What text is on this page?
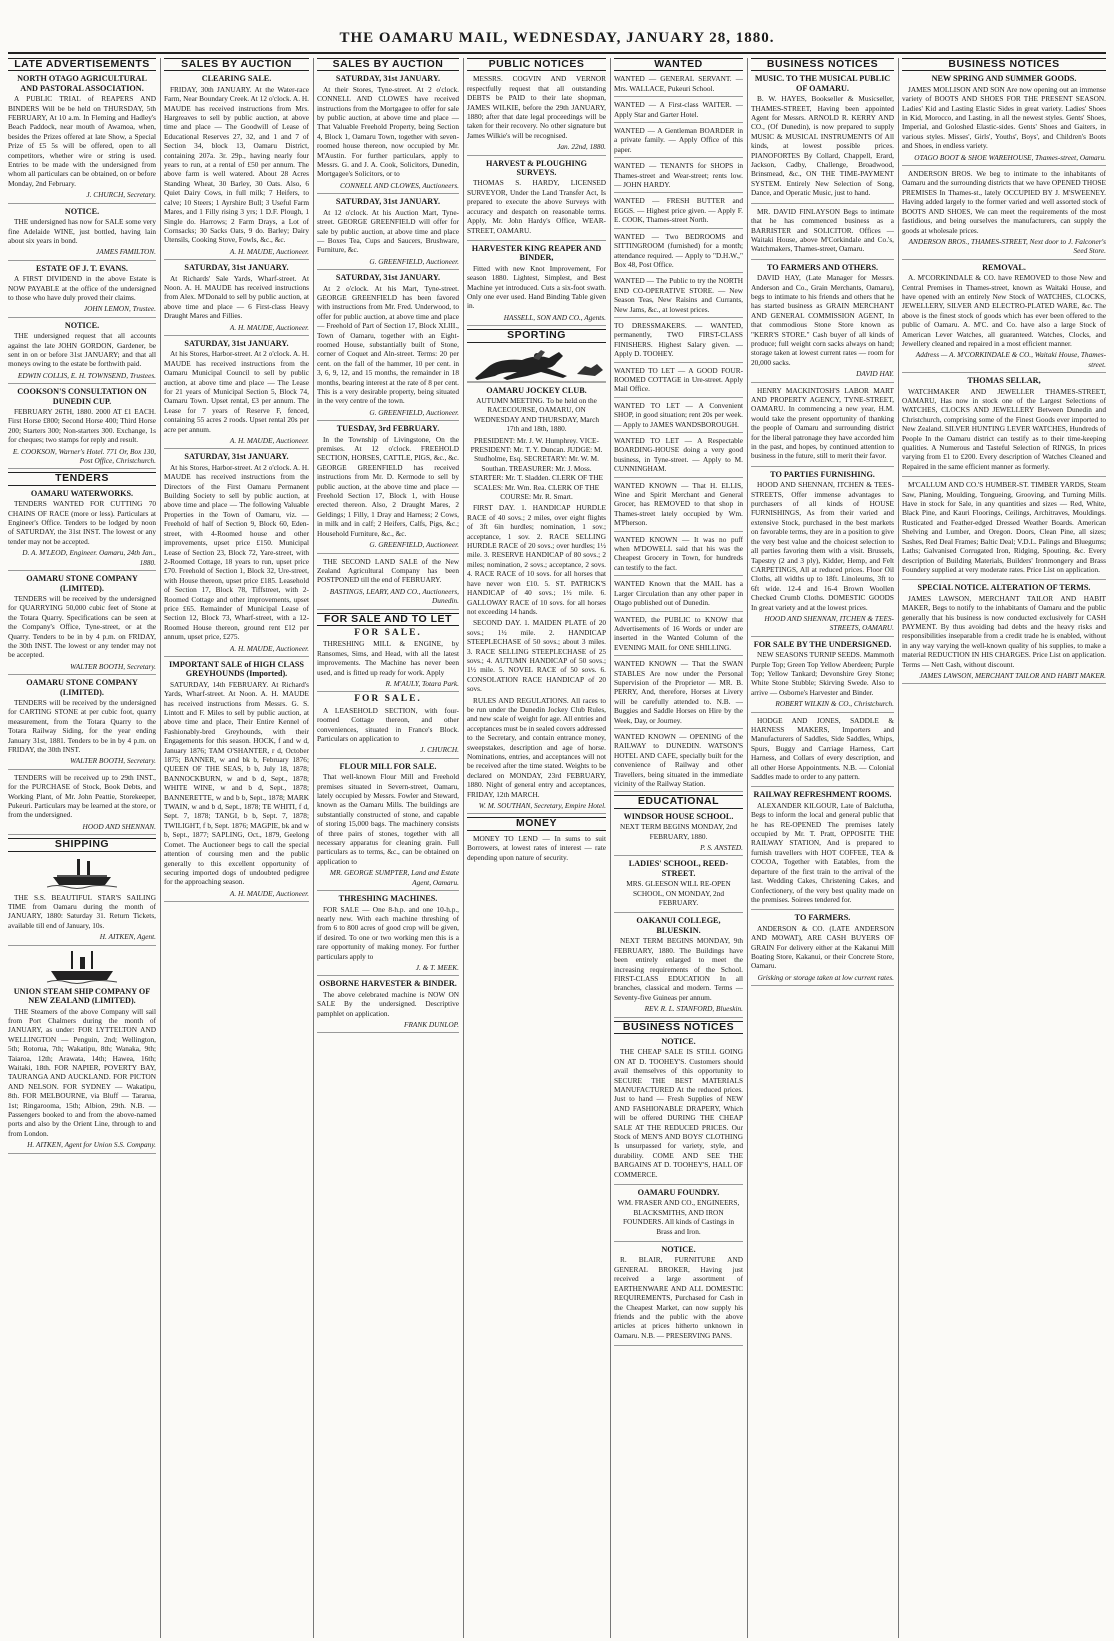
THE OAMARU MAIL, WEDNESDAY, JANUARY 28, 1880.
LATE ADVERTISEMENTS
NORTH OTAGO AGRICULTURAL AND PASTORAL ASSOCIATION.

A PUBLIC TRIAL of REAPERS AND BINDERS Will be be held on THURSDAY, 5th FEBRUARY, At 10 a.m. In Fleming and Hadley's Beach Paddock, near mouth of Awamoa, when, besides the Prizes offered at late Show, a Special Prize of £5 5s will be offered, open to all competitors, whether wire or string is used. Entries to be made with the undersigned from whom all particulars can be obtained, on or before Monday, 2nd February.

J. CHURCH, Secretary.
NOTICE.

THE undersigned has now for SALE some very fine Adelaide WINE, just bottled, having lain about six years in bond.

JAMES FAMILTON.
ESTATE OF J. T. EVANS.

A FIRST DIVIDEND in the above Estate is NOW PAYABLE at the office of the undersigned to those who have duly proved their claims.

JOHN LEMON, Trustee.
NOTICE.

THE undersigned request that all accounts against the late JOHN GORDON, Gardener, be sent in on or before 31st JANUARY; and that all moneys owing to the estate be forthwith paid.

EDWIN COLLIS, E. H. TOWNSEND, Trustees.
COOKSON'S CONSULTATION ON DUNEDIN CUP.

FEBRUARY 26TH, 1880. 2000 AT £1 EACH. First Horse £800; Second Horse 400; Third Horse 200; Starters 300; Non-starters 300. Exchange, 1s for cheques; two stamps for reply and result.

E. COOKSON, Warner's Hotel. 771 Or, Box 130, Post Office, Christchurch.
TENDERS
OAMARU WATERWORKS.

TENDERS WANTED FOR CUTTING 70 CHAINS OF RACE (more or less). Particulars at Engineer's Office. Tenders to be lodged by noon of SATURDAY, the 31st INST. The lowest or any tender may not be accepted.

D. A. M'LEOD, Engineer. Oamaru, 24th Jan., 1880.
OAMARU STONE COMPANY (LIMITED).

TENDERS will be received by the undersigned for QUARRYING 50,000 cubic feet of Stone at the Totara Quarry. Specifications can be seen at the Company's Office, Tyne-street, or at the Quarry. Tenders to be in by 4 p.m. on FRIDAY, the 30th INST. The lowest or any tender may not be accepted.

WALTER BOOTH, Secretary.
OAMARU STONE COMPANY (LIMITED).

TENDERS will be received by the undersigned for CARTING STONE at per cubic foot, quarry measurement, from the Totara Quarry to the Totara Railway Siding, for the year ending January 31st, 1881. Tenders to be in by 4 p.m. on FRIDAY, the 30th INST.

WALTER BOOTH, Secretary.

TENDERS will be received up to 29th INST., for the PURCHASE of Stock, Book Debts, and Working Plant, of Mr. John Peattie, Storekeeper, Pukeuri. Particulars may be learned at the store, or from the undersigned.

HOOD AND SHENNAN.
SHIPPING

THE S.S. BEAUTIFUL STAR'S SAILING TIME from Oamaru during the month of JANUARY, 1880: Saturday 31. Return Tickets, available till end of January, 10s.

H. AITKEN, Agent.
UNION STEAM SHIP COMPANY OF NEW ZEALAND (LIMITED).

THE Steamers of the above Company will sail from Port Chalmers during the month of JANUARY, as under: FOR LYTTELTON AND WELLINGTON — Penguin, 2nd; Wellington, 5th; Rotorua, 7th; Wakatipu, 8th; Wanaka, 9th; Taiaroa, 12th; Arawata, 14th; Hawea, 16th; Waitaki, 18th. FOR NAPIER, POVERTY BAY, TAURANGA AND AUCKLAND. FOR PICTON AND NELSON. FOR SYDNEY — Wakatipu, 8th. FOR MELBOURNE, via Bluff — Tararua, 1st; Ringarooma, 15th; Albion, 29th. N.B. — Passengers booked to and from the above-named ports and also by the Orient Line, through to and from London.

H. AITKEN, Agent for Union S.S. Company.
SALES BY AUCTION
CLEARING SALE.

FRIDAY, 30th JANUARY. At the Water-race Farm, Near Boundary Creek. At 12 o'clock. A. H. MAUDE has received instructions from Mrs. Hargreaves to sell by public auction, at above time and place — The Goodwill of Lease of Educational Reserves 27, 32, and 1 and 7 of Section 34, block 13, Oamaru District, containing 207a. 3r. 29p., having nearly four years to run, at a rental of £50 per annum. The above farm is well watered. About 28 Acres Standing Wheat, 30 Barley, 30 Oats. Also, 6 Quiet Dairy Cows, in full milk; 7 Heifers, to calve; 10 Steers; 1 Ayrshire Bull; 3 Useful Farm Mares, and 1 Filly rising 3 yrs; 1 D.F. Plough, 1 Single do. Harrows; 2 Farm Drays, a Lot of Cornsacks; 30 Sacks Oats, 9 do. Barley; Dairy Utensils, Cooking Stove, Fowls, &c., &c.

A. H. MAUDE, Auctioneer.
SATURDAY, 31st JANUARY.

At Richards' Sale Yards, Wharf-street. At Noon. A. H. MAUDE has received instructions from Alex. M'Donald to sell by public auction, at above time and place — 6 First-class Heavy Draught Mares and Fillies.

A. H. MAUDE, Auctioneer.
SATURDAY, 31st JANUARY.

At his Stores, Harbor-street. At 2 o'clock. A. H. MAUDE has received instructions from the Oamaru Municipal Council to sell by public auction, at above time and place — The Lease for 21 years of Municipal Section 5, Block 74, Oamaru Town. Upset rental, £3 per annum. The Lease for 7 years of Reserve F, fenced, containing 55 acres 2 roods. Upset rental 20s per acre per annum.

A. H. MAUDE, Auctioneer.
SATURDAY, 31st JANUARY.

At his Stores, Harbor-street. At 2 o'clock. A. H. MAUDE has received instructions from the Directors of the First Oamaru Permanent Building Society to sell by public auction, at above time and place — The following Valuable Properties in the Town of Oamaru, viz. — Freehold of half of Section 9, Block 60, Eden-street, with 4-Roomed house and other improvements, upset price £150. Municipal Lease of Section 23, Block 72, Yare-street, with 2-Roomed Cottage, 18 years to run, upset price £70. Freehold of Section 1, Block 32, Ure-street, with House thereon, upset price £185. Leasehold of Section 17, Block 78, Tiffstreet, with 2-Roomed Cottage and other improvements, upset price £65. Remainder of Municipal Lease of Section 12, Block 73, Wharf-street, with a 12-Roomed House thereon, ground rent £12 per annum, upset price, £275.

A. H. MAUDE, Auctioneer.
IMPORTANT SALE of HIGH CLASS GREYHOUNDS (Imported).

SATURDAY, 14th FEBRUARY. At Richard's Yards, Wharf-street. At Noon. A. H. MAUDE has received instructions from Messrs. G. S. Lintott and F. Miles to sell by public auction, at above time and place, Their Entire Kennel of Fashionably-bred Greyhounds, with their Engagements for this season. HOCK, f and w d, January 1876; TAM O'SHANTER, r d, October 1875; BANNER, w and bk b, February 1876; QUEEN OF THE SEAS, b b, July 18, 1878; BANNOCKBURN, w and b d, Sept., 1878; WHITE WINE, w and b d, Sept., 1878; BANNERETTE, w and b b, Sept., 1878; MARK TWAIN, w and b d, Sept., 1878; TE WHITI, f d, Sept. 7, 1878; TANGI, b b, Sept. 7, 1878; TWILIGHT, f b, Sept. 1876; MAGPIE, bk and w b, Sept., 1877; SAPLING, Oct., 1879, Geelong Comet. The Auctioneer begs to call the special attention of coursing men and the public generally to this excellent opportunity of securing imported dogs of undoubted pedigree for the approaching season.

A. H. MAUDE, Auctioneer.
SALES BY AUCTION
SATURDAY, 31st JANUARY.

At their Stores, Tyne-street. At 2 o'clock. CONNELL AND CLOWES have received instructions from the Mortgagee to offer for sale by public auction, at above time and place — That Valuable Freehold Property, being Section 4, Block 1, Oamaru Town, together with seven-roomed house thereon, now occupied by Mr. M'Austin. For further particulars, apply to Messrs. G. and J. A. Cook, Solicitors, Dunedin, Mortgagee's Solicitors, or to

CONNELL AND CLOWES, Auctioneers.
SATURDAY, 31st JANUARY.

At 12 o'clock. At his Auction Mart, Tyne-street. GEORGE GREENFIELD will offer for sale by public auction, at above time and place — Boxes Tea, Cups and Saucers, Brushware, Furniture, &c.

G. GREENFIELD, Auctioneer.
SATURDAY, 31st JANUARY.

At 2 o'clock. At his Mart, Tyne-street. GEORGE GREENFIELD has been favored with instructions from Mr. Fred. Underwood, to offer for public auction, at above time and place — Freehold of Part of Section 17, Block XLIII., Town of Oamaru, together with an Eight-roomed House, substantially built of Stone, corner of Coquet and Aln-street. Terms: 20 per cent. on the fall of the hammer, 10 per cent. in 3, 6, 9, 12, and 15 months, the remainder in 18 months, bearing interest at the rate of 8 per cent. This is a very desirable property, being situated in the very centre of the town.

G. GREENFIELD, Auctioneer.
TUESDAY, 3rd FEBRUARY.

In the Township of Livingstone, On the premises. At 12 o'clock. FREEHOLD SECTION, HORSES, CATTLE, PIGS, &c., &c. GEORGE GREENFIELD has received instructions from Mr. D. Kermode to sell by public auction, at the above time and place — Freehold Section 17, Block 1, with House erected thereon. Also, 2 Draught Mares, 2 Geldings; 1 Filly, 1 Dray and Harness; 2 Cows, in milk and in calf; 2 Heifers, Calfs, Pigs, &c.; Household Furniture, &c., &c.

G. GREENFIELD, Auctioneer.

THE SECOND LAND SALE of the New Zealand Agricultural Company has been POSTPONED till the end of FEBRUARY.

BASTINGS, LEARY, AND CO., Auctioneers, Dunedin.
FOR SALE AND TO LET
FOR SALE.

THRESHING MILL & ENGINE, by Ransomes, Sims, and Head, with all the latest improvements. The Machine has never been used, and is fitted up ready for work. Apply

R. M'AULY, Totara Park.
FOR SALE.

A LEASEHOLD SECTION, with four-roomed Cottage thereon, and other conveniences, situated in France's Block. Particulars on application to

J. CHURCH.
FLOUR MILL FOR SALE.

That well-known Flour Mill and Freehold premises situated in Severn-street, Oamaru, lately occupied by Messrs. Fowler and Steward, known as the Oamaru Mills. The buildings are substantially constructed of stone, and capable of storing 15,000 bags. The machinery consists of three pairs of stones, together with all necessary apparatus for cleaning grain. Full particulars as to terms, &c., can be obtained on application to

MR. GEORGE SUMPTER, Land and Estate Agent, Oamaru.
THRESHING MACHINES.

FOR SALE — One 8-h.p. and one 10-h.p., nearly new. With each machine threshing of from 6 to 800 acres of good crop will be given, if desired. To one or two working men this is a rare opportunity of making money. For further particulars apply to

J. & T. MEEK.
OSBORNE HARVESTER & BINDER.

The above celebrated machine is NOW ON SALE By the undersigned. Descriptive pamphlet on application.

FRANK DUNLOP.
PUBLIC NOTICES

MESSRS. COGVIN AND VERNOR respectfully request that all outstanding DEBTS be PAID to their late shopman, JAMES WILKIE, before the 29th JANUARY, 1880; after that date legal proceedings will be taken for their recovery. No other signature but James Wilkie's will be recognised.

Jan. 22nd, 1880.
HARVEST & PLOUGHING SURVEYS.

THOMAS S. HARDY, LICENSED SURVEYOR, Under the Land Transfer Act, Is prepared to execute the above Surveys with accuracy and despatch on reasonable terms. Apply, Mr. John Hardy's Office, WEAR-STREET, OAMARU.

HARVESTER KING REAPER AND BINDER,

Fitted with new Knot Improvement, For season 1880. Lightest, Simplest, and Best Machine yet introduced. Cuts a six-foot swath. Only one ever used. Hand Binding Table given in.

HASSELL, SON AND CO., Agents.
SPORTING
OAMARU JOCKEY CLUB.

AUTUMN MEETING. To be held on the RACECOURSE, OAMARU, ON WEDNESDAY AND THURSDAY, March 17th and 18th, 1880.

PRESIDENT: Mr. J. W. Humphrey. VICE-PRESIDENT: Mr. T. Y. Duncan. JUDGE: M. Studholme, Esq. SECRETARY: Mr. W. M. Southan. TREASURER: Mr. J. Moss. STARTER: Mr. T. Sladden. CLERK OF THE SCALES: Mr. Wm. Rea. CLERK OF THE COURSE: Mr. R. Smart.

FIRST DAY. 1. HANDICAP HURDLE RACE of 40 sovs.; 2 miles, over eight flights of 3ft 6in hurdles; nomination, 1 sov.; acceptance, 1 sov. 2. RACE SELLING HURDLE RACE of 20 sovs.; over hurdles; 1½ mile. 3. RESERVE HANDICAP of 80 sovs.; 2 miles; nomination, 2 sovs.; acceptance, 2 sovs. 4. RACE RACE of 10 sovs. for all horses that have never won £10. 5. ST. PATRICK'S HANDICAP of 40 sovs.; 1½ mile. 6. GALLOWAY RACE of 10 sovs. for all horses not exceeding 14 hands.

SECOND DAY. 1. MAIDEN PLATE of 20 sovs.; 1½ mile. 2. HANDICAP STEEPLECHASE of 50 sovs.; about 3 miles. 3. RACE SELLING STEEPLECHASE of 25 sovs.; 4. AUTUMN HANDICAP of 50 sovs.; 1½ mile. 5. NOVEL RACE of 50 sovs. 6. CONSOLATION RACE HANDICAP of 20 sovs.

RULES AND REGULATIONS. All races to be run under the Dunedin Jockey Club Rules, and new scale of weight for age. All entries and acceptances must be in sealed covers addressed to the Secretary, and contain entrance money, sweepstakes, description and age of horse. Nominations, entries, and acceptances will not be received after the time stated. Weights to be declared on MONDAY, 23rd FEBRUARY, 1880. Night of general entry and acceptances, FRIDAY, 12th MARCH.

W. M. SOUTHAN, Secretary, Empire Hotel.
MONEY

MONEY TO LEND — In sums to suit Borrowers, at lowest rates of interest — rate depending upon nature of security.

WANTED
WANTED — GENERAL SERVANT. — Mrs. WALLACE, Pukeuri School.
WANTED — A First-class WAITER. — Apply Star and Garter Hotel.
WANTED — A Gentleman BOARDER in a private family. — Apply Office of this paper.
WANTED — TENANTS for SHOPS in Thames-street and Wear-street; rents low. — JOHN HARDY.
WANTED — FRESH BUTTER and EGGS. — Highest price given. — Apply F. E. COOK, Thames-street North.
WANTED — Two BEDROOMS and SITTINGROOM (furnished) for a month; attendance required. — Apply to "D.H.W.," Box 48, Post Office.
WANTED — The Public to try the NORTH END CO-OPERATIVE STORE. — New Season Teas, New Raisins and Currants, New Jams, &c., at lowest prices.
TO DRESSMAKERS. — WANTED, permanently, TWO FIRST-CLASS FINISHERS. Highest Salary given. — Apply D. TOOHEY.
WANTED TO LET — A GOOD FOUR-ROOMED COTTAGE in Ure-street. Apply Mail Office.
WANTED TO LET — A Convenient SHOP, in good situation; rent 20s per week. — Apply to JAMES WANDSBOROUGH.
WANTED TO LET — A Respectable BOARDING-HOUSE doing a very good business, in Tyne-street. — Apply to M. CUNNINGHAM.
WANTED KNOWN — That H. ELLIS, Wine and Spirit Merchant and General Grocer, has REMOVED to that shop in Thames-street lately occupied by Wm. M'Pherson.
WANTED KNOWN — It was no puff when M'DOWELL said that his was the Cheapest Grocery in Town, for hundreds can testify to the fact.
WANTED Known that the MAIL has a Larger Circulation than any other paper in Otago published out of Dunedin.
WANTED, the PUBLIC to KNOW that Advertisements of 16 Words or under are inserted in the Wanted Column of the EVENING MAIL for ONE SHILLING.
WANTED KNOWN — That the SWAN STABLES Are now under the Personal Supervision of the Proprietor — MR. B. PERRY, And, therefore, Horses at Livery will be carefully attended to. N.B. — Buggies and Saddle Horses on Hire by the Week, Day, or Journey.
WANTED KNOWN — OPENING of the RAILWAY to DUNEDIN. WATSON'S HOTEL AND CAFE, specially built for the convenience of Railway and other Travellers, being situated in the immediate vicinity of the Railway Station.
EDUCATIONAL
WINDSOR HOUSE SCHOOL.

NEXT TERM BEGINS MONDAY, 2nd FEBRUARY, 1880.

P. S. ANSTED.
LADIES' SCHOOL, REED-STREET.

MRS. GLEESON WILL RE-OPEN SCHOOL, ON MONDAY, 2nd FEBRUARY.

OAKANUI COLLEGE, BLUESKIN.

NEXT TERM BEGINS MONDAY, 9th FEBRUARY, 1880. The Buildings have been entirely enlarged to meet the increasing requirements of the School. FIRST-CLASS EDUCATION In all branches, classical and modern. Terms — Seventy-five Guineas per annum.

REV. R. L. STANFORD, Blueskin.
BUSINESS NOTICES
NOTICE.

THE CHEAP SALE IS STILL GOING ON AT D. TOOHEY'S. Customers should avail themselves of this opportunity to SECURE THE BEST MATERIALS MANUFACTURED At the reduced prices. Just to hand — Fresh Supplies of NEW AND FASHIONABLE DRAPERY, Which will be offered DURING THE CHEAP SALE AT THE REDUCED PRICES. Our Stock of MEN'S AND BOYS' CLOTHING Is unsurpassed for variety, style, and durability. COME AND SEE THE BARGAINS AT D. TOOHEY'S, HALL OF COMMERCE.

OAMARU FOUNDRY.

WM. FRASER AND CO., ENGINEERS, BLACKSMITHS, AND IRON FOUNDERS. All kinds of Castings in Brass and Iron.

NOTICE.

R. BLAIR, FURNITURE AND GENERAL BROKER, Having just received a large assortment of EARTHENWARE AND ALL DOMESTIC REQUIREMENTS, Purchased for Cash in the Cheapest Market, can now supply his friends and the public with the above articles at prices hitherto unknown in Oamaru. N.B. — PRESERVING PANS.

BUSINESS NOTICES
MUSIC. TO THE MUSICAL PUBLIC OF OAMARU.

B. W. HAYES, Bookseller & Musicseller, THAMES-STREET, Having been appointed Agent for Messrs. ARNOLD R. KERRY AND CO., (Of Dunedin), is now prepared to supply MUSIC & MUSICAL INSTRUMENTS Of All kinds, at lowest possible prices. PIANOFORTES By Collard, Chappell, Erard, Jackson, Cadby, Challenge, Broadwood, Brinsmead, &c., ON THE TIME-PAYMENT SYSTEM. Entirely New Selection of Song, Dance, and Operatic Music, just to hand.

MR. DAVID FINLAYSON Begs to intimate that he has commenced business as a BARRISTER and SOLICITOR. Offices — Waitaki House, above M'Corkindale and Co.'s, Watchmakers, Thames-street, Oamaru.

TO FARMERS AND OTHERS.

DAVID HAY, (Late Manager for Messrs. Anderson and Co., Grain Merchants, Oamaru), begs to intimate to his friends and others that he has started business as GRAIN MERCHANT AND GENERAL COMMISSION AGENT, In that commodious Stone Store known as "KERR'S STORE." Cash buyer of all kinds of produce; full weight corn sacks always on hand; storage taken at lowest current rates — room for 20,000 sacks.

DAVID HAY.

HENRY MACKINTOSH'S LABOR MART AND PROPERTY AGENCY, TYNE-STREET, OAMARU. In commencing a new year, H.M. would take the present opportunity of thanking the people of Oamaru and surrounding district for the liberal patronage they have accorded him in the past, and hopes, by continued attention to business in the future, still to merit their favor.

TO PARTIES FURNISHING.

HOOD AND SHENNAN, ITCHEN & TEES-STREETS, Offer immense advantages to purchasers of all kinds of HOUSE FURNISHINGS, As from their varied and extensive Stock, purchased in the best markets on favorable terms, they are in a position to give the very best value and the choicest selection to all parties favoring them with a visit. Brussels, Tapestry (2 and 3 ply), Kidder, Hemp, and Felt CARPETINGS, All at reduced prices. Floor Oil Cloths, all widths up to 18ft. Linoleums, 3ft to 6ft wide. 12-4 and 16-4 Brown Woollen Checked Crumb Cloths. DOMESTIC GOODS In great variety and at the lowest prices.

HOOD AND SHENNAN, ITCHEN & TEES-STREETS, OAMARU.
FOR SALE BY THE UNDERSIGNED.

NEW SEASONS TURNIP SEEDS. Mammoth Purple Top; Green Top Yellow Aberdeen; Purple Top; Yellow Tankard; Devonshire Grey Stone; White Stone Stubble; Skirving Swede. Also to arrive — Osborne's Harvester and Binder.

ROBERT WILKIN & CO., Christchurch.

HODGE AND JONES, SADDLE & HARNESS MAKERS, Importers and Manufacturers of Saddles, Side Saddles, Whips, Spurs, Buggy and Carriage Harness, Cart Harness, and Collars of every description, and all other Horse Appointments. N.B. — Colonial Saddles made to order to any pattern.

RAILWAY REFRESHMENT ROOMS.

ALEXANDER KILGOUR, Late of Balclutha, Begs to inform the local and general public that he has RE-OPENED The premises lately occupied by Mr. T. Pratt, OPPOSITE THE RAILWAY STATION, And is prepared to furnish travellers with HOT COFFEE, TEA & COCOA, Together with Eatables, from the departure of the first train to the arrival of the last. Wedding Cakes, Christening Cakes, and Confectionery, of the very best quality made on the premises. Soirees tendered for.

TO FARMERS.

ANDERSON & CO. (LATE ANDERSON AND MOWAT), ARE CASH BUYERS OF GRAIN For delivery either at the Kakanui Mill Boating Store, Kakanui, or their Concrete Store, Oamaru.

Grisking or storage taken at low current rates.
BUSINESS NOTICES
NEW SPRING AND SUMMER GOODS.

JAMES MOLLISON AND SON Are now opening out an immense variety of BOOTS AND SHOES FOR THE PRESENT SEASON. Ladies' Kid and Lasting Elastic Sides in great variety. Ladies' Shoes in Kid, Morocco, and Lasting, in all the newest styles. Gents' Shoes, Imperial, and Goloshed Elastic-sides. Gents' Shoes and Gaiters, in various styles. Misses', Girls', Youths', Boys', and Children's Boots and Shoes, in endless variety.

OTAGO BOOT & SHOE WAREHOUSE, Thames-street, Oamaru.

ANDERSON BROS. We beg to intimate to the inhabitants of Oamaru and the surrounding districts that we have OPENED THOSE PREMISES In Thames-st., lately OCCUPIED BY J. M'SWEENEY. Having added largely to the former varied and well assorted stock of BOOTS AND SHOES, We can meet the requirements of the most fastidious, and being ourselves the manufacturers, can supply the goods at wholesale prices.

ANDERSON BROS., THAMES-STREET, Next door to J. Falconer's Seed Store.
REMOVAL.

A. M'CORKINDALE & CO. have REMOVED to those New and Central Premises in Thames-street, known as Waitaki House, and have opened with an entirely New Stock of WATCHES, CLOCKS, JEWELLERY, SILVER AND ELECTRO-PLATED WARE, &c. The above is the finest stock of goods which has ever been offered to the public of Oamaru. A. M'C. and Co. have also a large Stock of American Lever Watches, all guaranteed. Watches, Clocks, and Jewellery cleaned and repaired in a most efficient manner.

Address — A. M'CORKINDALE & CO., Waitaki House, Thames-street.
THOMAS SELLAR,

WATCHMAKER AND JEWELLER THAMES-STREET, OAMARU, Has now in stock one of the Largest Selections of WATCHES, CLOCKS AND JEWELLERY Between Dunedin and Christchurch, comprising some of the Finest Goods ever imported to New Zealand. SILVER HUNTING LEVER WATCHES, Hundreds of People In the Oamaru district can testify as to their time-keeping qualities. A Numerous and Tasteful Selection of RINGS, In prices varying from £1 to £200. Every description of Watches Cleaned and Repaired in the same efficient manner as formerly.

M'CALLUM AND CO.'S HUMBER-ST. TIMBER YARDS, Steam Saw, Planing, Moulding, Tongueing, Grooving, and Turning Mills. Have in stock for Sale, in any quantities and sizes — Red, White, Black Pine, and Kauri Floorings, Ceilings, Architraves, Mouldings. Rusticated and Feather-edged Dressed Weather Boards. American Shelving and Lumber, and Oregon. Doors, Clean Pine, all sizes; Sashes, Red Deal Frames; Baltic Deal; V.D.L. Palings and Bluegums; Laths; Galvanised Corrugated Iron, Ridging, Spouting, &c. Every description of Building Materials, Builders' Ironmongery and Brass Foundery supplied at very moderate rates. Price List on application.

SPECIAL NOTICE. ALTERATION OF TERMS.

JAMES LAWSON, MERCHANT TAILOR AND HABIT MAKER, Begs to notify to the inhabitants of Oamaru and the public generally that his business is now conducted exclusively for CASH PAYMENT. By thus avoiding bad debts and the heavy risks and responsibilities inseparable from a credit trade he is enabled, without in any way varying the well-known quality of his supplies, to make a material REDUCTION IN HIS CHARGES. Price List on application. Terms — Nett Cash, without discount.

JAMES LAWSON, MERCHANT TAILOR AND HABIT MAKER.
